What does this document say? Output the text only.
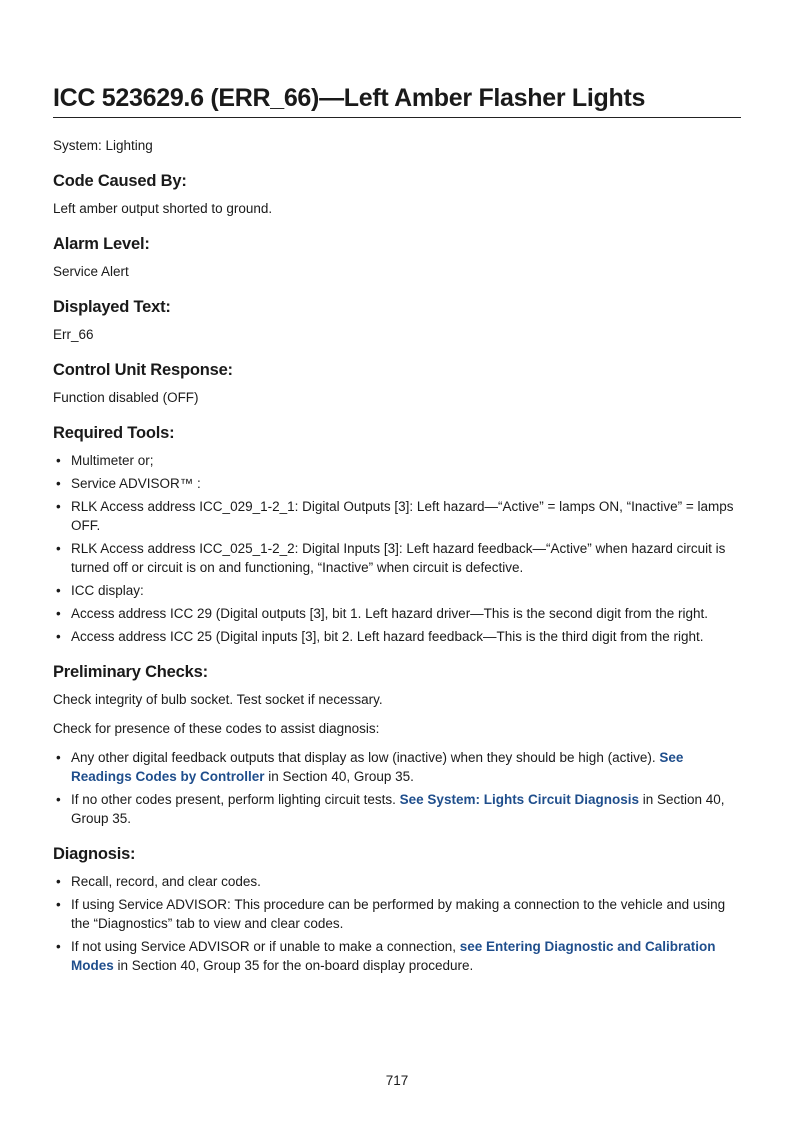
ICC 523629.6 (ERR_66)—Left Amber Flasher Lights

System: Lighting

Code Caused By:

Left amber output shorted to ground.

Alarm Level:

Service Alert

Displayed Text:

Err_66

Control Unit Response:

Function disabled (OFF)

Required Tools:
• Multimeter or;
• Service ADVISOR™ :
• RLK Access address ICC_029_1-2_1: Digital Outputs [3]: Left hazard—“Active” = lamps ON, “Inactive” = lamps OFF.
• RLK Access address ICC_025_1-2_2: Digital Inputs [3]: Left hazard feedback—“Active” when hazard circuit is turned off or circuit is on and functioning, “Inactive” when circuit is defective.
• ICC display:
• Access address ICC 29 (Digital outputs [3], bit 1. Left hazard driver—This is the second digit from the right.
• Access address ICC 25 (Digital inputs [3], bit 2. Left hazard feedback—This is the third digit from the right.
Preliminary Checks:

Check integrity of bulb socket. Test socket if necessary.

Check for presence of these codes to assist diagnosis:

• Any other digital feedback outputs that display as low (inactive) when they should be high (active). See Readings Codes by Controller in Section 40, Group 35.
• If no other codes present, perform lighting circuit tests. See System: Lights Circuit Diagnosis in Section 40, Group 35.
Diagnosis:
• Recall, record, and clear codes.
• If using Service ADVISOR: This procedure can be performed by making a connection to the vehicle and using the “Diagnostics” tab to view and clear codes.
• If not using Service ADVISOR or if unable to make a connection, see Entering Diagnostic and Calibration Modes in Section 40, Group 35 for the on-board display procedure.
717
